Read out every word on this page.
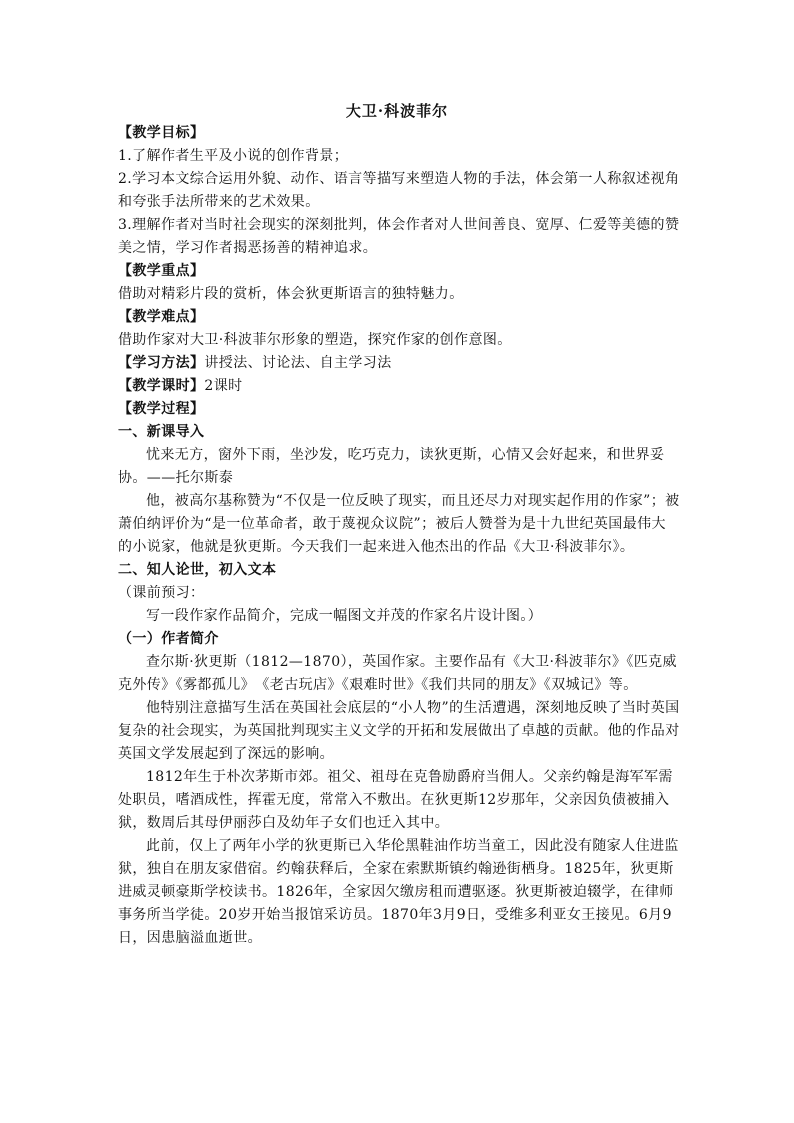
大卫·科波菲尔

【教学目标】

1.了解作者生平及小说的创作背景；

2.学习本文综合运用外貌、动作、语言等描写来塑造人物的手法，体会第一人称叙述视角和夸张手法所带来的艺术效果。

3.理解作者对当时社会现实的深刻批判，体会作者对人世间善良、宽厚、仁爱等美德的赞美之情，学习作者揭恶扬善的精神追求。

【教学重点】

借助对精彩片段的赏析，体会狄更斯语言的独特魅力。

【教学难点】

借助作家对大卫·科波菲尔形象的塑造，探究作家的创作意图。

【学习方法】讲授法、讨论法、自主学习法

【教学课时】2课时

【教学过程】

一、新课导入

忧来无方，窗外下雨，坐沙发，吃巧克力，读狄更斯，心情又会好起来，和世界妥协。——托尔斯泰

他，被高尔基称赞为“不仅是一位反映了现实，而且还尽力对现实起作用的作家”；被萧伯纳评价为“是一位革命者，敢于蔑视众议院”；被后人赞誉为是十九世纪英国最伟大的小说家，他就是狄更斯。今天我们一起来进入他杰出的作品《大卫·科波菲尔》。

二、知人论世，初入文本

（课前预习：

写一段作家作品简介，完成一幅图文并茂的作家名片设计图。）

（一）作者简介

查尔斯·狄更斯（1812—1870），英国作家。主要作品有《大卫·科波菲尔》《匹克威克外传》《雾都孤儿》　《老古玩店》《艰难时世》《我们共同的朋友》《双城记》等。

他特别注意描写生活在英国社会底层的“小人物”的生活遭遇，深刻地反映了当时英国复杂的社会现实，为英国批判现实主义文学的开拓和发展做出了卓越的贡献。他的作品对英国文学发展起到了深远的影响。

1812年生于朴次茅斯市郊。祖父、祖母在克鲁励爵府当佣人。父亲约翰是海军军需处职员，嗜酒成性，挥霍无度，常常入不敷出。在狄更斯12岁那年，父亲因负债被捕入狱，数周后其母伊丽莎白及幼年子女们也迁入其中。

此前，仅上了两年小学的狄更斯已入华伦黑鞋油作坊当童工，因此没有随家人住进监狱，独自在朋友家借宿。约翰获释后，全家在索默斯镇约翰逊街栖身。1825年，狄更斯进威灵顿豪斯学校读书。1826年，全家因欠缴房租而遭驱逐。狄更斯被迫辍学，在律师事务所当学徒。20岁开始当报馆采访员。1870年3月9日，受维多利亚女王接见。6月9日，因患脑溢血逝世。
